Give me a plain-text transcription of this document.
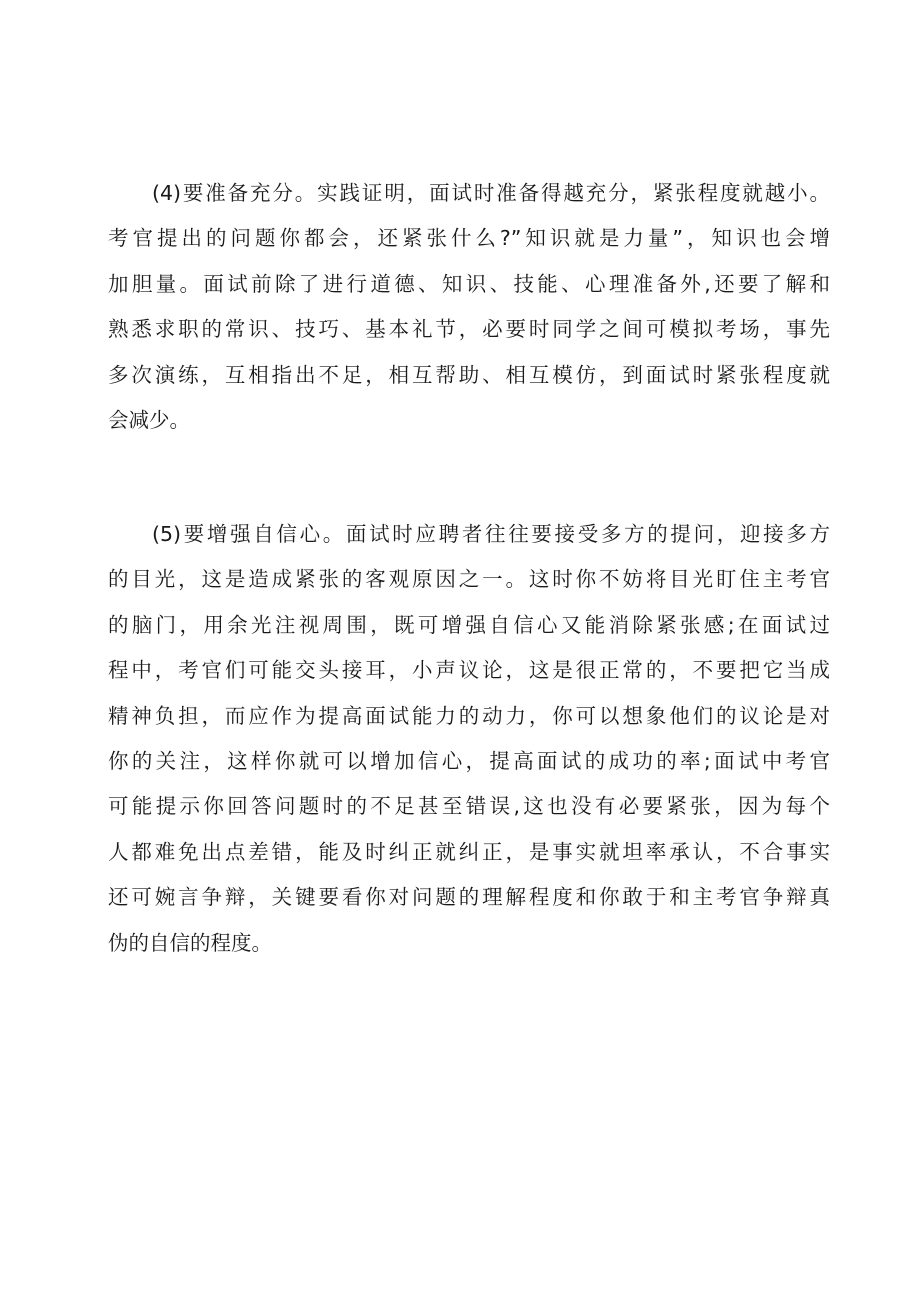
(4)要准备充分。实践证明，面试时准备得越充分，紧张程度就越小。
考官提出的问题你都会，还紧张什么?”知识就是力量”，知识也会增
加胆量。面试前除了进行道德、知识、技能、心理准备外,还要了解和
熟悉求职的常识、技巧、基本礼节，必要时同学之间可模拟考场，事先
多次演练，互相指出不足，相互帮助、相互模仿，到面试时紧张程度就
会减少。

(5)要增强自信心。面试时应聘者往往要接受多方的提问，迎接多方
的目光，这是造成紧张的客观原因之一。这时你不妨将目光盯住主考官
的脑门，用余光注视周围，既可增强自信心又能消除紧张感;在面试过
程中，考官们可能交头接耳，小声议论，这是很正常的，不要把它当成
精神负担，而应作为提高面试能力的动力，你可以想象他们的议论是对
你的关注，这样你就可以增加信心，提高面试的成功的率;面试中考官
可能提示你回答问题时的不足甚至错误,这也没有必要紧张，因为每个
人都难免出点差错，能及时纠正就纠正，是事实就坦率承认，不合事实
还可婉言争辩，关键要看你对问题的理解程度和你敢于和主考官争辩真
伪的自信的程度。
